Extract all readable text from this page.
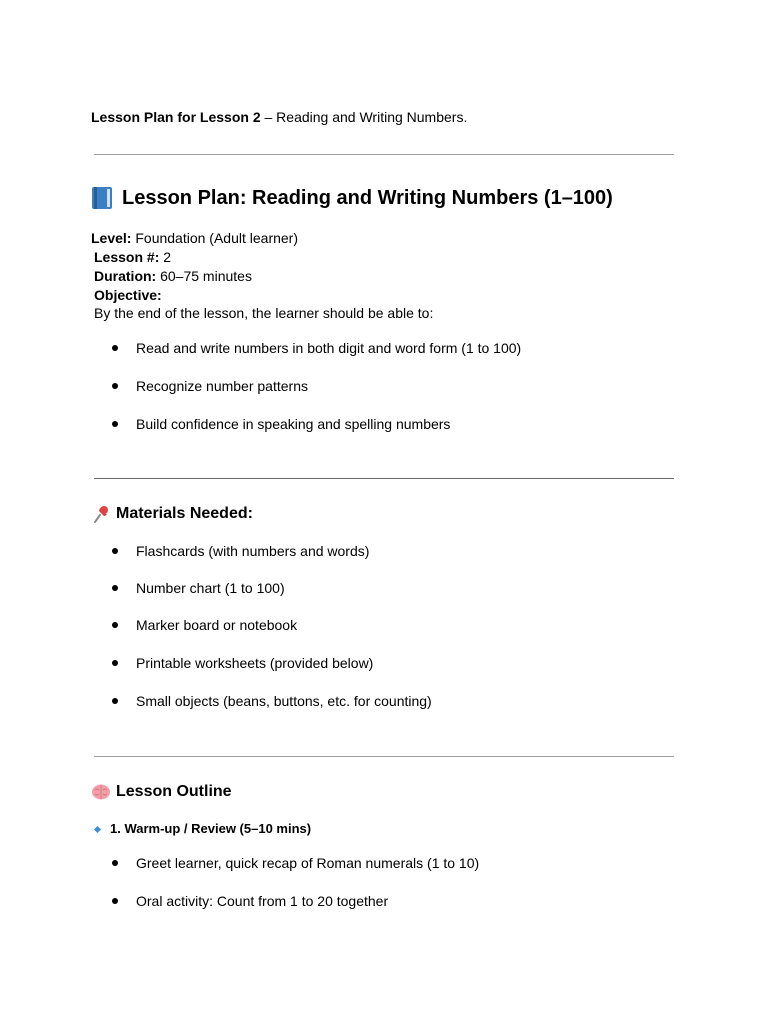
Lesson Plan for Lesson 2 – Reading and Writing Numbers.
Lesson Plan: Reading and Writing Numbers (1–100)
Level: Foundation (Adult learner)
Lesson #: 2
Duration: 60–75 minutes
Objective:
By the end of the lesson, the learner should be able to:
Read and write numbers in both digit and word form (1 to 100)
Recognize number patterns
Build confidence in speaking and spelling numbers
Materials Needed:
Flashcards (with numbers and words)
Number chart (1 to 100)
Marker board or notebook
Printable worksheets (provided below)
Small objects (beans, buttons, etc. for counting)
Lesson Outline
1. Warm-up / Review (5–10 mins)
Greet learner, quick recap of Roman numerals (1 to 10)
Oral activity: Count from 1 to 20 together
